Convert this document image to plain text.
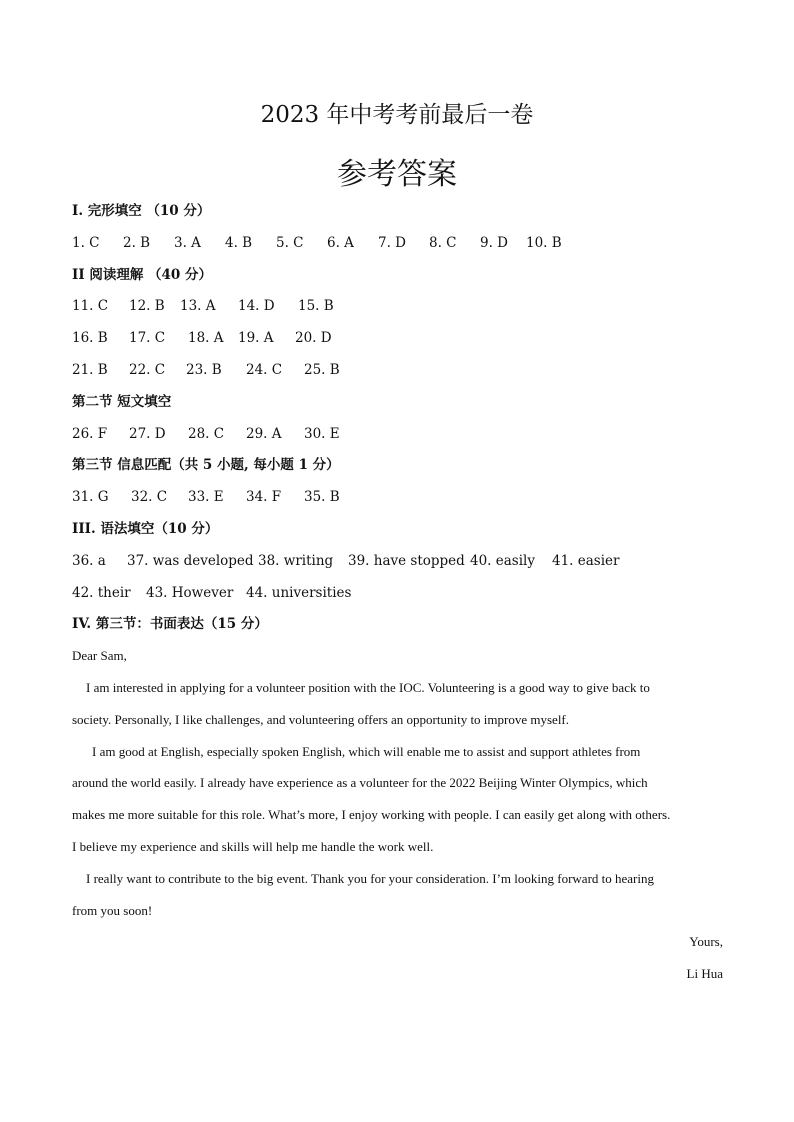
2023 年中考考前最后一卷
参考答案
I. 完形填空 （10 分）
1. C	2. B	3. A	4. B	5. C	6. A	7. D	8. C	9. D	10. B
II 阅读理解 （40 分）
11. C	12. B	13. A	14. D	15. B
16. B	17. C	18. A	19. A	20. D
21. B	22. C	23. B	24. C	25. B
第二节 短文填空
26. F	27. D	28. C	29. A	30. E
第三节 信息匹配（共 5 小题, 每小题 1 分）
31. G	32. C	33. E	34. F	35. B
III. 语法填空（10 分）
36. a	37. was developed 38. writing	39. have stopped 40. easily	41. easier
42. their	43. However 44. universities
IV. 第三节：书面表达（15 分）
Dear Sam,
I am interested in applying for a volunteer position with the IOC. Volunteering is a good way to give back to
society. Personally, I like challenges, and volunteering offers an opportunity to improve myself.
I am good at English, especially spoken English, which will enable me to assist and support athletes from
around the world easily. I already have experience as a volunteer for the 2022 Beijing Winter Olympics, which
makes me more suitable for this role. What’s more, I enjoy working with people. I can easily get along with others.
I believe my experience and skills will help me handle the work well.
I really want to contribute to the big event. Thank you for your consideration. I’m looking forward to hearing
from you soon!
Yours,
Li Hua
